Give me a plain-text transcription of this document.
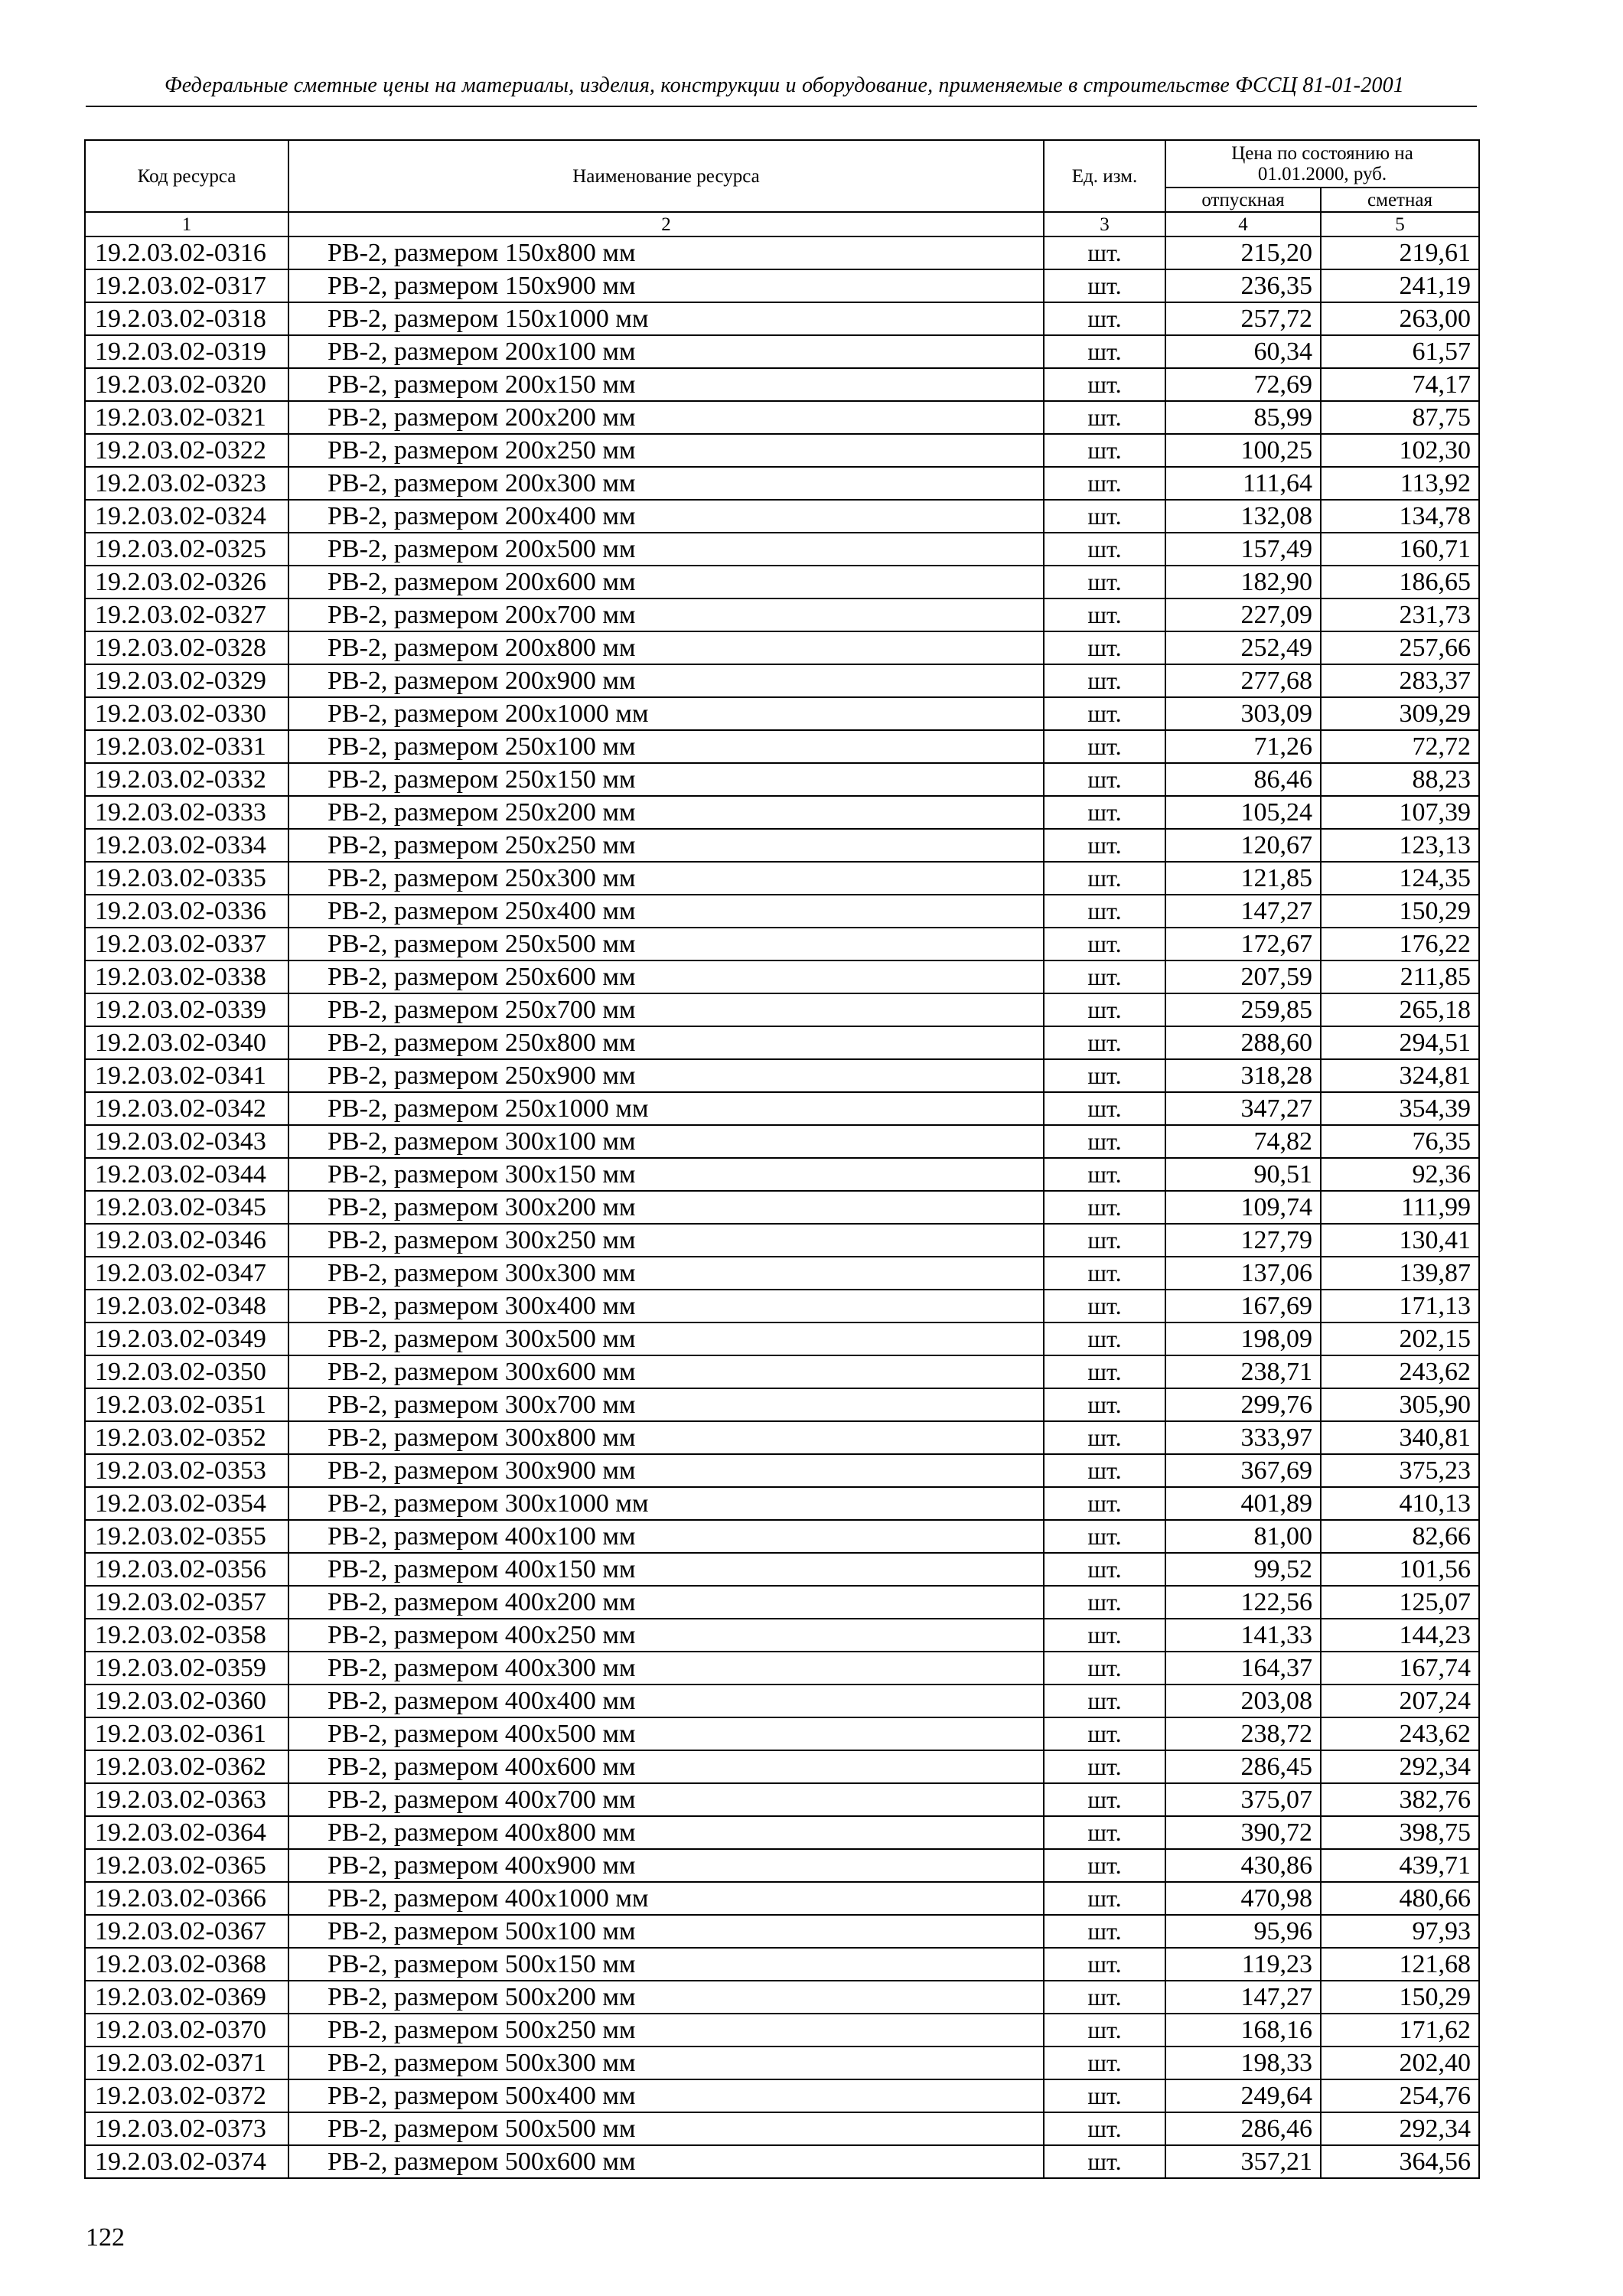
Федеральные сметные цены на материалы, изделия, конструкции и оборудование, применяемые в строительстве ФССЦ 81-01-2001
Код ресурса	Наименование ресурса	Ед. изм.	Цена по состоянию на 01.01.2000, руб.	

			отпускная	сметная
1	2	3	4	5
19.2.03.02-0316	РВ-2, размером 150x800 мм	шт.	215,20	219,61
19.2.03.02-0317	РВ-2, размером 150x900 мм	шт.	236,35	241,19
19.2.03.02-0318	РВ-2, размером 150x1000 мм	шт.	257,72	263,00
19.2.03.02-0319	РВ-2, размером 200x100 мм	шт.	60,34	61,57
19.2.03.02-0320	РВ-2, размером 200x150 мм	шт.	72,69	74,17
19.2.03.02-0321	РВ-2, размером 200x200 мм	шт.	85,99	87,75
19.2.03.02-0322	РВ-2, размером 200x250 мм	шт.	100,25	102,30
19.2.03.02-0323	РВ-2, размером 200x300 мм	шт.	111,64	113,92
19.2.03.02-0324	РВ-2, размером 200x400 мм	шт.	132,08	134,78
19.2.03.02-0325	РВ-2, размером 200x500 мм	шт.	157,49	160,71
19.2.03.02-0326	РВ-2, размером 200x600 мм	шт.	182,90	186,65
19.2.03.02-0327	РВ-2, размером 200x700 мм	шт.	227,09	231,73
19.2.03.02-0328	РВ-2, размером 200x800 мм	шт.	252,49	257,66
19.2.03.02-0329	РВ-2, размером 200x900 мм	шт.	277,68	283,37
19.2.03.02-0330	РВ-2, размером 200x1000 мм	шт.	303,09	309,29
19.2.03.02-0331	РВ-2, размером 250x100 мм	шт.	71,26	72,72
19.2.03.02-0332	РВ-2, размером 250x150 мм	шт.	86,46	88,23
19.2.03.02-0333	РВ-2, размером 250x200 мм	шт.	105,24	107,39
19.2.03.02-0334	РВ-2, размером 250x250 мм	шт.	120,67	123,13
19.2.03.02-0335	РВ-2, размером 250x300 мм	шт.	121,85	124,35
19.2.03.02-0336	РВ-2, размером 250x400 мм	шт.	147,27	150,29
19.2.03.02-0337	РВ-2, размером 250x500 мм	шт.	172,67	176,22
19.2.03.02-0338	РВ-2, размером 250x600 мм	шт.	207,59	211,85
19.2.03.02-0339	РВ-2, размером 250x700 мм	шт.	259,85	265,18
19.2.03.02-0340	РВ-2, размером 250x800 мм	шт.	288,60	294,51
19.2.03.02-0341	РВ-2, размером 250x900 мм	шт.	318,28	324,81
19.2.03.02-0342	РВ-2, размером 250x1000 мм	шт.	347,27	354,39
19.2.03.02-0343	РВ-2, размером 300x100 мм	шт.	74,82	76,35
19.2.03.02-0344	РВ-2, размером 300x150 мм	шт.	90,51	92,36
19.2.03.02-0345	РВ-2, размером 300x200 мм	шт.	109,74	111,99
19.2.03.02-0346	РВ-2, размером 300x250 мм	шт.	127,79	130,41
19.2.03.02-0347	РВ-2, размером 300x300 мм	шт.	137,06	139,87
19.2.03.02-0348	РВ-2, размером 300x400 мм	шт.	167,69	171,13
19.2.03.02-0349	РВ-2, размером 300x500 мм	шт.	198,09	202,15
19.2.03.02-0350	РВ-2, размером 300x600 мм	шт.	238,71	243,62
19.2.03.02-0351	РВ-2, размером 300x700 мм	шт.	299,76	305,90
19.2.03.02-0352	РВ-2, размером 300x800 мм	шт.	333,97	340,81
19.2.03.02-0353	РВ-2, размером 300x900 мм	шт.	367,69	375,23
19.2.03.02-0354	РВ-2, размером 300x1000 мм	шт.	401,89	410,13
19.2.03.02-0355	РВ-2, размером 400x100 мм	шт.	81,00	82,66
19.2.03.02-0356	РВ-2, размером 400x150 мм	шт.	99,52	101,56
19.2.03.02-0357	РВ-2, размером 400x200 мм	шт.	122,56	125,07
19.2.03.02-0358	РВ-2, размером 400x250 мм	шт.	141,33	144,23
19.2.03.02-0359	РВ-2, размером 400x300 мм	шт.	164,37	167,74
19.2.03.02-0360	РВ-2, размером 400x400 мм	шт.	203,08	207,24
19.2.03.02-0361	РВ-2, размером 400x500 мм	шт.	238,72	243,62
19.2.03.02-0362	РВ-2, размером 400x600 мм	шт.	286,45	292,34
19.2.03.02-0363	РВ-2, размером 400x700 мм	шт.	375,07	382,76
19.2.03.02-0364	РВ-2, размером 400x800 мм	шт.	390,72	398,75
19.2.03.02-0365	РВ-2, размером 400x900 мм	шт.	430,86	439,71
19.2.03.02-0366	РВ-2, размером 400x1000 мм	шт.	470,98	480,66
19.2.03.02-0367	РВ-2, размером 500x100 мм	шт.	95,96	97,93
19.2.03.02-0368	РВ-2, размером 500x150 мм	шт.	119,23	121,68
19.2.03.02-0369	РВ-2, размером 500x200 мм	шт.	147,27	150,29
19.2.03.02-0370	РВ-2, размером 500x250 мм	шт.	168,16	171,62
19.2.03.02-0371	РВ-2, размером 500x300 мм	шт.	198,33	202,40
19.2.03.02-0372	РВ-2, размером 500x400 мм	шт.	249,64	254,76
19.2.03.02-0373	РВ-2, размером 500x500 мм	шт.	286,46	292,34
19.2.03.02-0374	РВ-2, размером 500x600 мм	шт.	357,21	364,56
122
